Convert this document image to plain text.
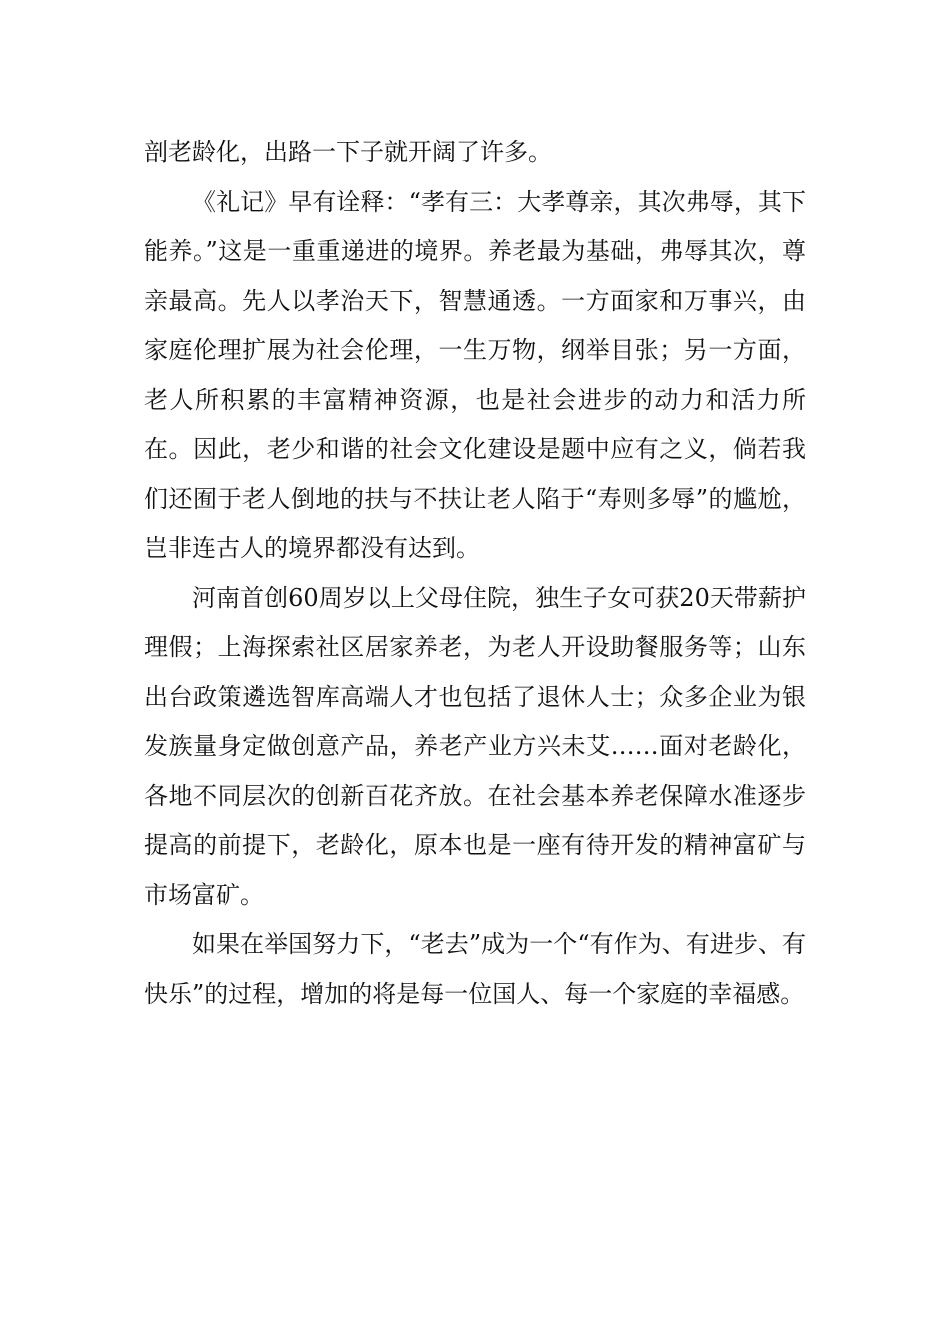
剖老龄化，出路一下子就开阔了许多。

《礼记》早有诠释：“孝有三：大孝尊亲，其次弗辱，其下能养。”这是一重重递进的境界。养老最为基础，弗辱其次，尊亲最高。先人以孝治天下，智慧通透。一方面家和万事兴，由家庭伦理扩展为社会伦理，一生万物，纲举目张；另一方面，老人所积累的丰富精神资源，也是社会进步的动力和活力所在。因此，老少和谐的社会文化建设是题中应有之义，倘若我们还囿于老人倒地的扶与不扶让老人陷于“寿则多辱”的尴尬，岂非连古人的境界都没有达到。

河南首创60周岁以上父母住院，独生子女可获20天带薪护理假；上海探索社区居家养老，为老人开设助餐服务等；山东出台政策遴选智库高端人才也包括了退休人士；众多企业为银发族量身定做创意产品，养老产业方兴未艾……面对老龄化，各地不同层次的创新百花齐放。在社会基本养老保障水准逐步提高的前提下，老龄化，原本也是一座有待开发的精神富矿与市场富矿。

如果在举国努力下，“老去”成为一个“有作为、有进步、有快乐”的过程，增加的将是每一位国人、每一个家庭的幸福感。
